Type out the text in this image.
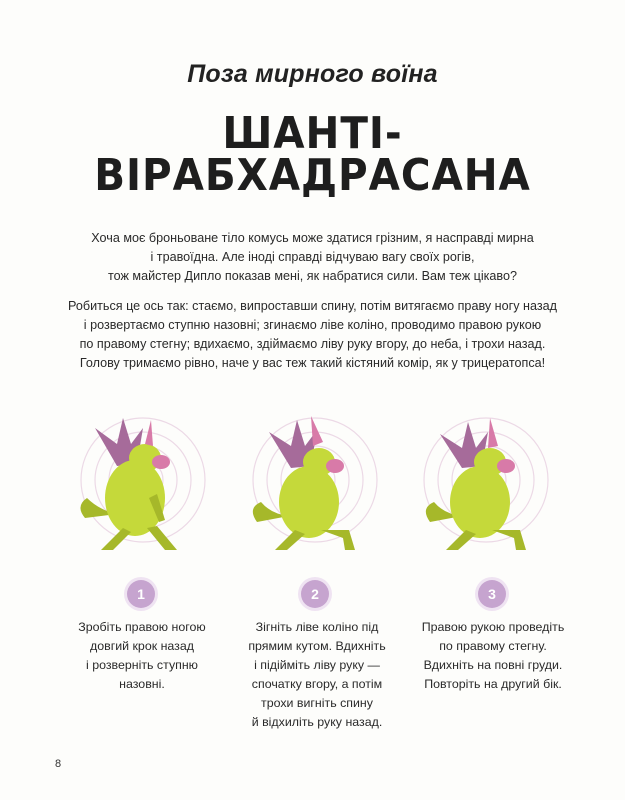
Поза мирного воїна
ШАНТІ-
ВІРАБХАДРАСАНА
Хоча моє броньоване тіло комусь може здатися грізним, я насправді мирна
і травоїдна. Але іноді справді відчуваю вагу своїх рогів,
тож майстер Дипло показав мені, як набратися сили. Вам теж цікаво?
Робиться це ось так: стаємо, випроставши спину, потім витягаємо праву ногу назад
і розвертаємо ступню назовні; згинаємо ліве коліно, проводимо правою рукою
по правому стегну; вдихаємо, здіймаємо ліву руку вгору, до неба, і трохи назад.
Голову тримаємо рівно, наче у вас теж такий кістяний комір, як у трицератопса!
1	2	3
Зробіть правою ногою
довгий крок назад
і розверніть ступню
назовні.
Зігніть ліве коліно під
прямим кутом. Вдихніть
і підійміть ліву руку —
спочатку вгору, а потім
трохи вигніть спину
й відхиліть руку назад.
Правою рукою проведіть
по правому стегну.
Вдихніть на повні груди.
Повторіть на другий бік.
8
